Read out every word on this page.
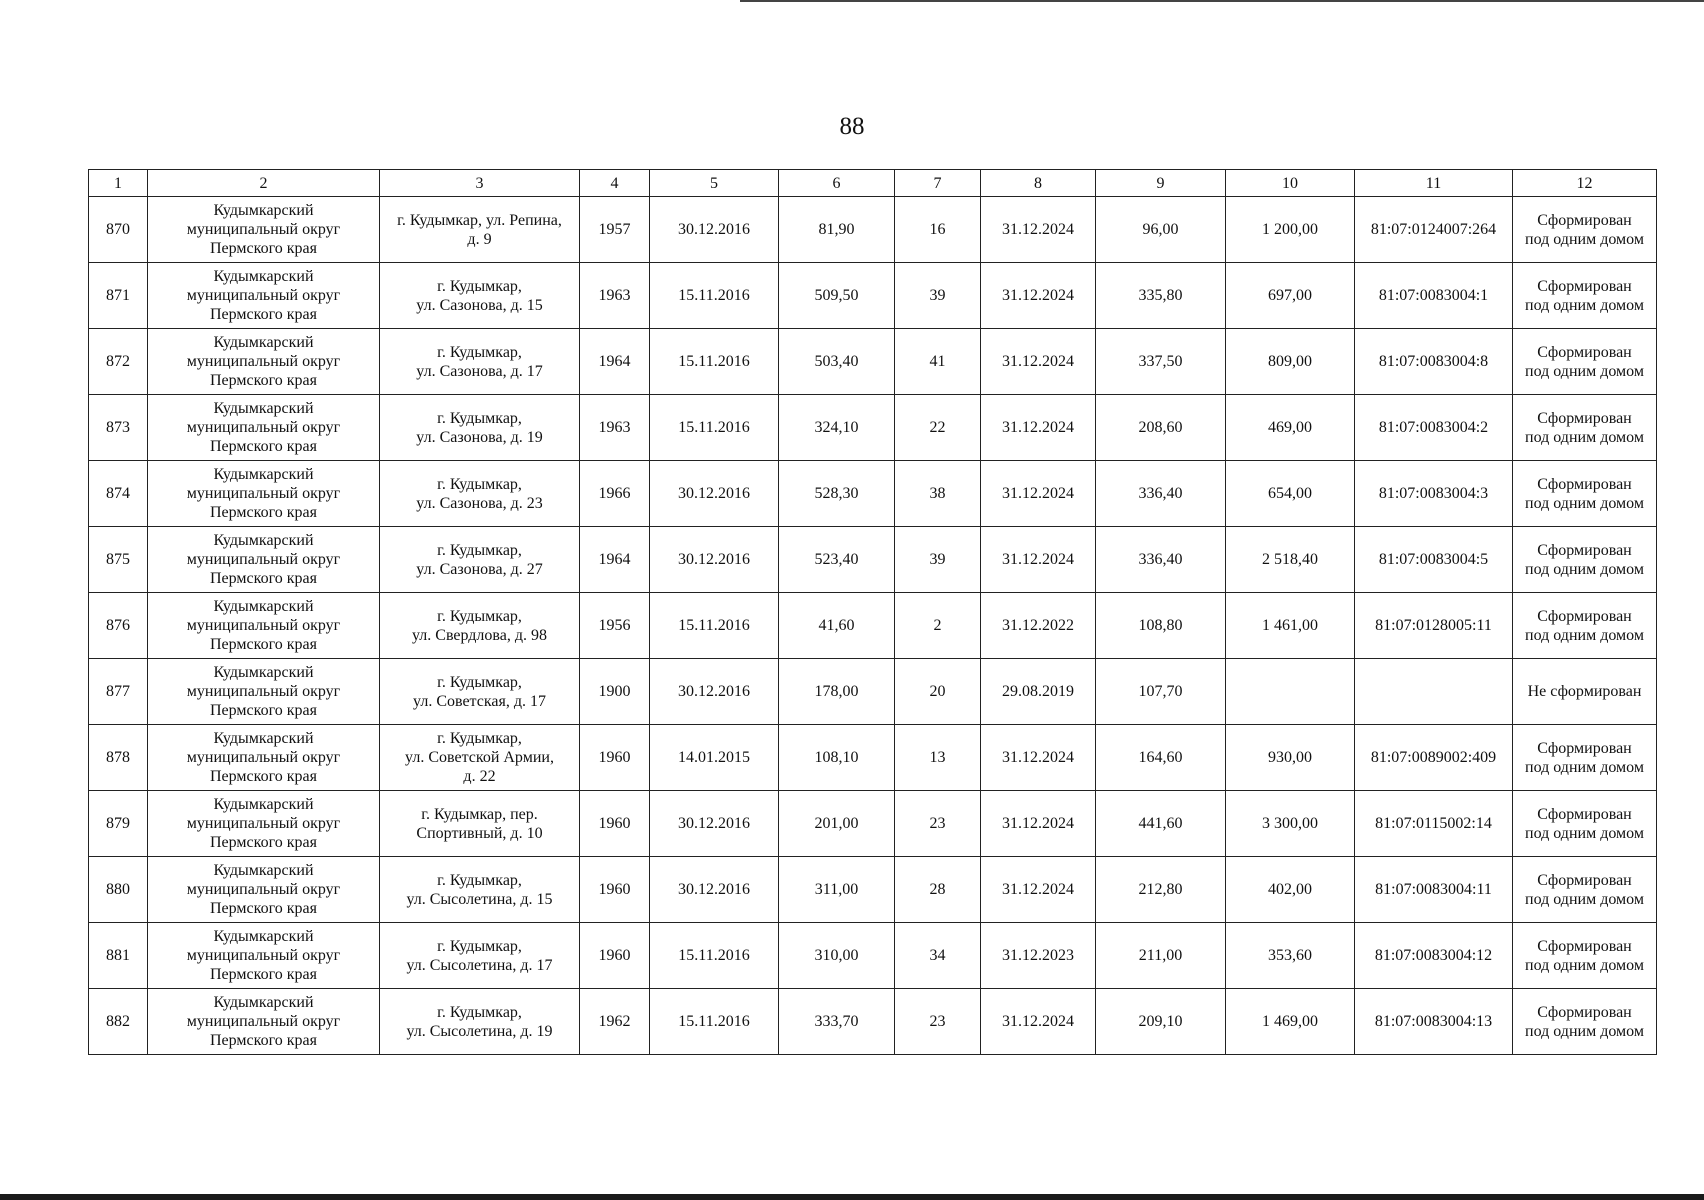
88
1	2	3	4	5	6	7	8	9	10	11	12
870	Кудымкарский
муниципальный округ
Пермского края	г. Кудымкар, ул. Репина,
д. 9	1957	30.12.2016	81,90	16	31.12.2024	96,00	1 200,00	81:07:0124007:264	Сформирован
под одним домом
871	Кудымкарский
муниципальный округ
Пермского края	г. Кудымкар,
ул. Сазонова, д. 15	1963	15.11.2016	509,50	39	31.12.2024	335,80	697,00	81:07:0083004:1	Сформирован
под одним домом
872	Кудымкарский
муниципальный округ
Пермского края	г. Кудымкар,
ул. Сазонова, д. 17	1964	15.11.2016	503,40	41	31.12.2024	337,50	809,00	81:07:0083004:8	Сформирован
под одним домом
873	Кудымкарский
муниципальный округ
Пермского края	г. Кудымкар,
ул. Сазонова, д. 19	1963	15.11.2016	324,10	22	31.12.2024	208,60	469,00	81:07:0083004:2	Сформирован
под одним домом
874	Кудымкарский
муниципальный округ
Пермского края	г. Кудымкар,
ул. Сазонова, д. 23	1966	30.12.2016	528,30	38	31.12.2024	336,40	654,00	81:07:0083004:3	Сформирован
под одним домом
875	Кудымкарский
муниципальный округ
Пермского края	г. Кудымкар,
ул. Сазонова, д. 27	1964	30.12.2016	523,40	39	31.12.2024	336,40	2 518,40	81:07:0083004:5	Сформирован
под одним домом
876	Кудымкарский
муниципальный округ
Пермского края	г. Кудымкар,
ул. Свердлова, д. 98	1956	15.11.2016	41,60	2	31.12.2022	108,80	1 461,00	81:07:0128005:11	Сформирован
под одним домом
877	Кудымкарский
муниципальный округ
Пермского края	г. Кудымкар,
ул. Советская, д. 17	1900	30.12.2016	178,00	20	29.08.2019	107,70			Не сформирован
878	Кудымкарский
муниципальный округ
Пермского края	г. Кудымкар,
ул. Советской Армии,
д. 22	1960	14.01.2015	108,10	13	31.12.2024	164,60	930,00	81:07:0089002:409	Сформирован
под одним домом
879	Кудымкарский
муниципальный округ
Пермского края	г. Кудымкар, пер.
Спортивный, д. 10	1960	30.12.2016	201,00	23	31.12.2024	441,60	3 300,00	81:07:0115002:14	Сформирован
под одним домом
880	Кудымкарский
муниципальный округ
Пермского края	г. Кудымкар,
ул. Сысолетина, д. 15	1960	30.12.2016	311,00	28	31.12.2024	212,80	402,00	81:07:0083004:11	Сформирован
под одним домом
881	Кудымкарский
муниципальный округ
Пермского края	г. Кудымкар,
ул. Сысолетина, д. 17	1960	15.11.2016	310,00	34	31.12.2023	211,00	353,60	81:07:0083004:12	Сформирован
под одним домом
882	Кудымкарский
муниципальный округ
Пермского края	г. Кудымкар,
ул. Сысолетина, д. 19	1962	15.11.2016	333,70	23	31.12.2024	209,10	1 469,00	81:07:0083004:13	Сформирован
под одним домом
